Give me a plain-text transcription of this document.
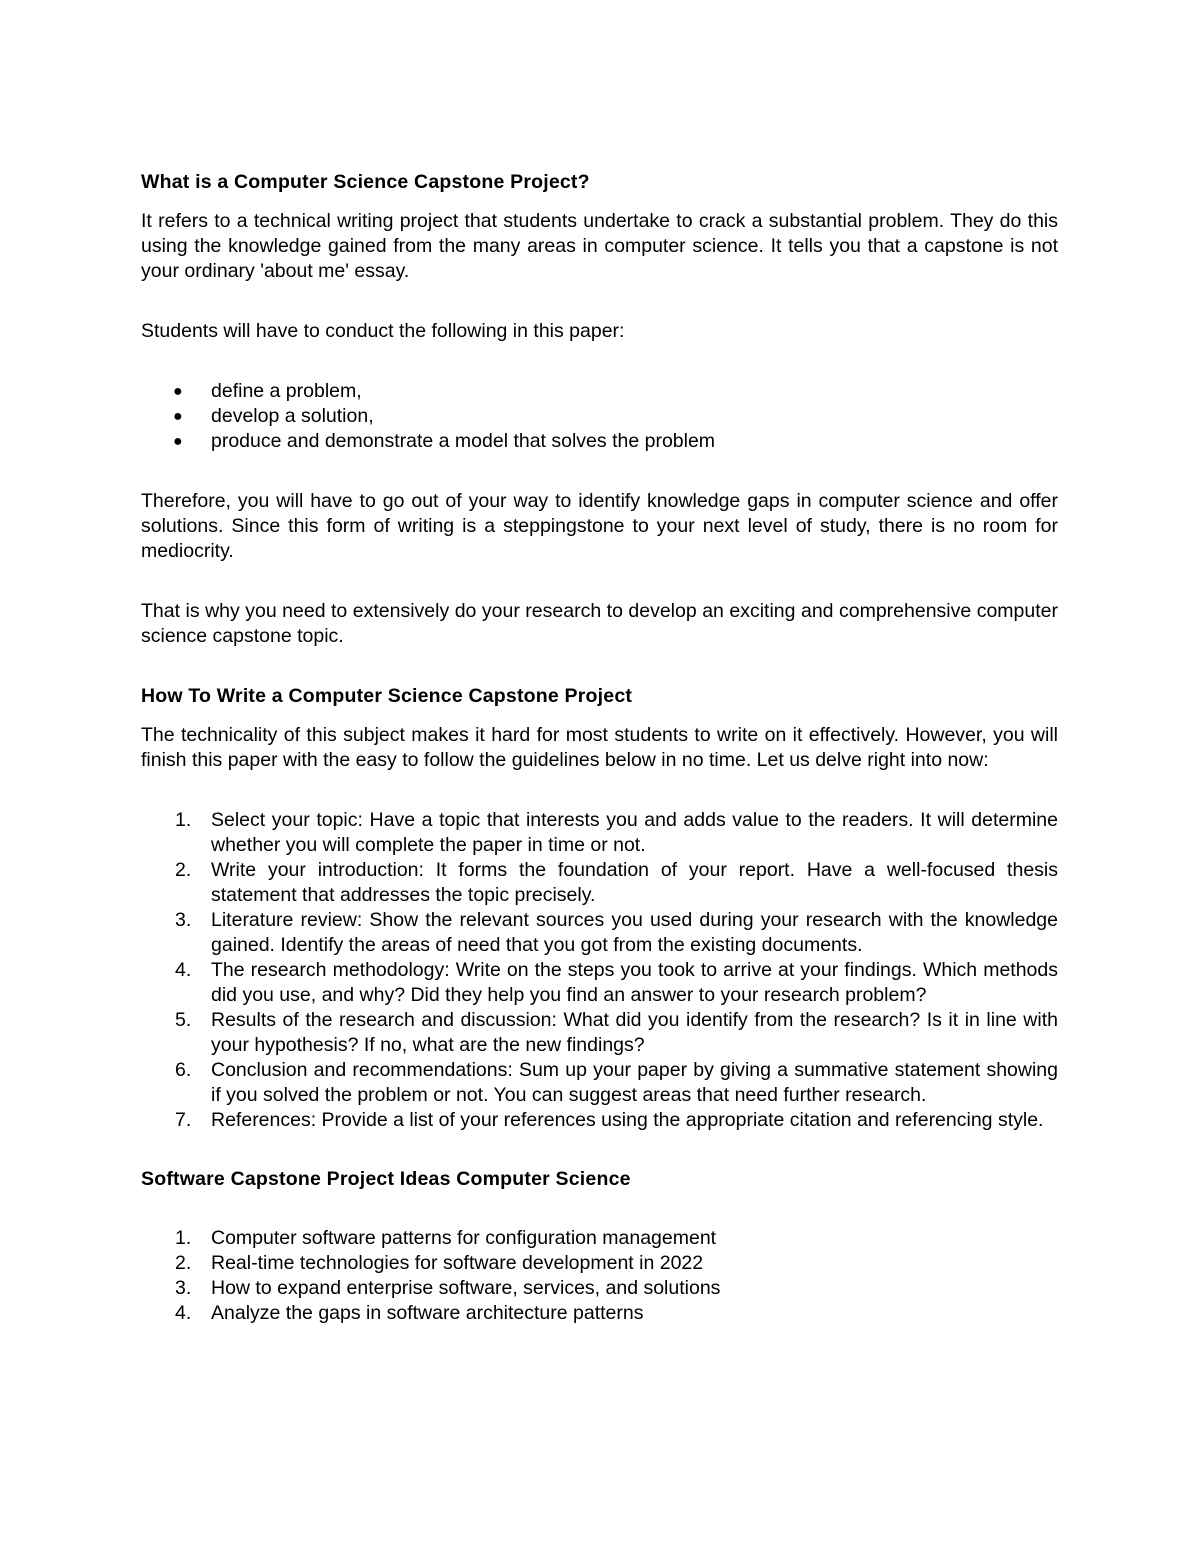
What is a Computer Science Capstone Project?

It refers to a technical writing project that students undertake to crack a substantial problem. They do this using the knowledge gained from the many areas in computer science. It tells you that a capstone is not your ordinary 'about me' essay.

Students will have to conduct the following in this paper:

● define a problem,
● develop a solution,
● produce and demonstrate a model that solves the problem

Therefore, you will have to go out of your way to identify knowledge gaps in computer science and offer solutions. Since this form of writing is a steppingstone to your next level of study, there is no room for mediocrity.

That is why you need to extensively do your research to develop an exciting and comprehensive computer science capstone topic.

How To Write a Computer Science Capstone Project

The technicality of this subject makes it hard for most students to write on it effectively. However, you will finish this paper with the easy to follow the guidelines below in no time. Let us delve right into now:

1. Select your topic: Have a topic that interests you and adds value to the readers. It will determine whether you will complete the paper in time or not.
2. Write your introduction: It forms the foundation of your report. Have a well-focused thesis statement that addresses the topic precisely.
3. Literature review: Show the relevant sources you used during your research with the knowledge gained. Identify the areas of need that you got from the existing documents.
4. The research methodology: Write on the steps you took to arrive at your findings. Which methods did you use, and why? Did they help you find an answer to your research problem?
5. Results of the research and discussion: What did you identify from the research? Is it in line with your hypothesis? If no, what are the new findings?
6. Conclusion and recommendations: Sum up your paper by giving a summative statement showing if you solved the problem or not. You can suggest areas that need further research.
7. References: Provide a list of your references using the appropriate citation and referencing style.
Software Capstone Project Ideas Computer Science
1. Computer software patterns for configuration management
2. Real-time technologies for software development in 2022
3. How to expand enterprise software, services, and solutions
4. Analyze the gaps in software architecture patterns
